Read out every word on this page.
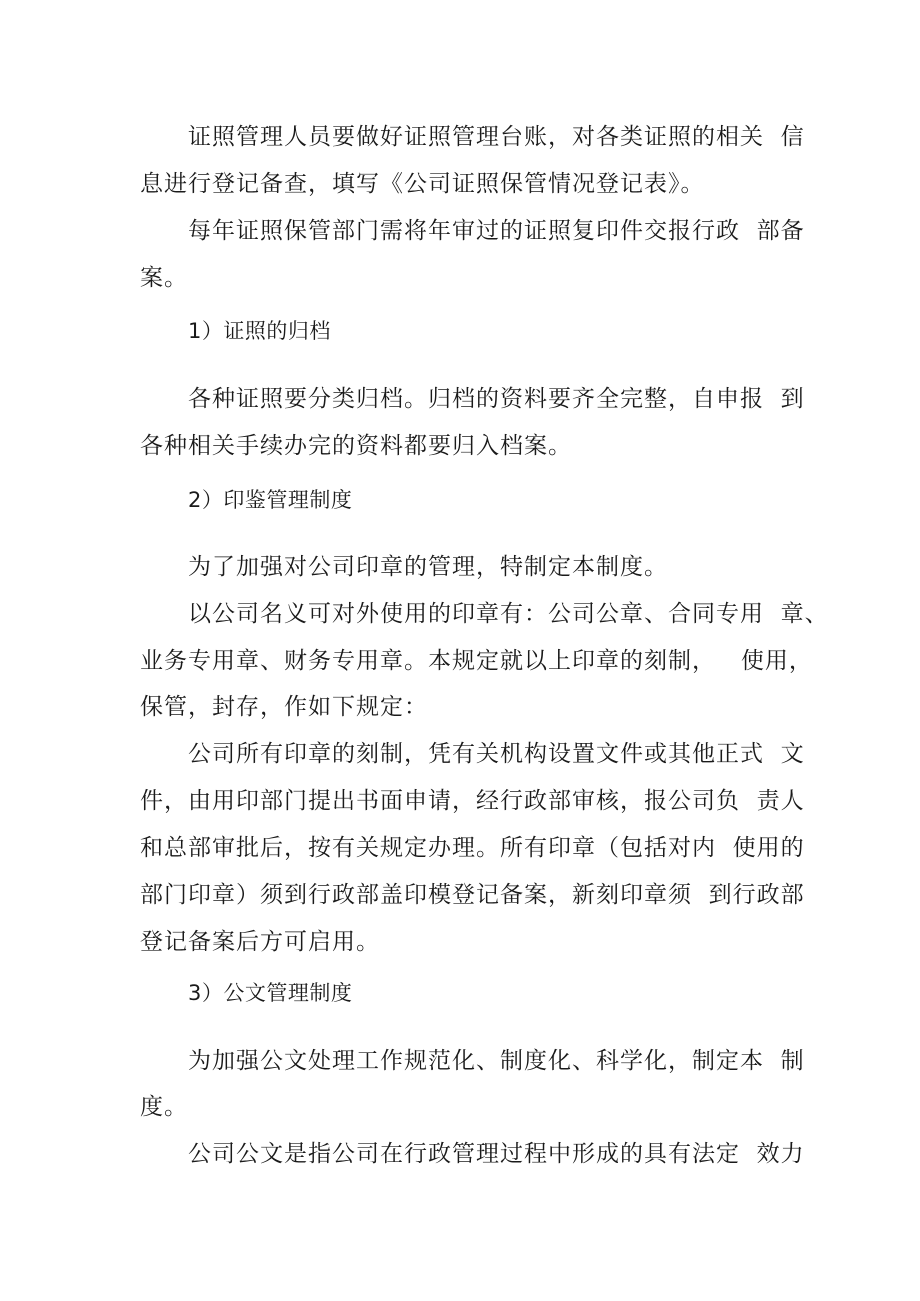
证照管理人员要做好证照管理台账，对各类证照的相关  信
息进行登记备查，填写《公司证照保管情况登记表》。
每年证照保管部门需将年审过的证照复印件交报行政  部备
案。
1）证照的归档
各种证照要分类归档。归档的资料要齐全完整，自申报  到
各种相关手续办完的资料都要归入档案。
2）印鉴管理制度
为了加强对公司印章的管理，特制定本制度。
以公司名义可对外使用的印章有：公司公章、合同专用  章、
业务专用章、财务专用章。本规定就以上印章的刻制，   使用，
保管，封存，作如下规定：
公司所有印章的刻制，凭有关机构设置文件或其他正式  文
件，由用印部门提出书面申请，经行政部审核，报公司负  责人
和总部审批后，按有关规定办理。所有印章（包括对内  使用的
部门印章）须到行政部盖印模登记备案，新刻印章须  到行政部
登记备案后方可启用。
3）公文管理制度
为加强公文处理工作规范化、制度化、科学化，制定本  制
度。
公司公文是指公司在行政管理过程中形成的具有法定  效力
